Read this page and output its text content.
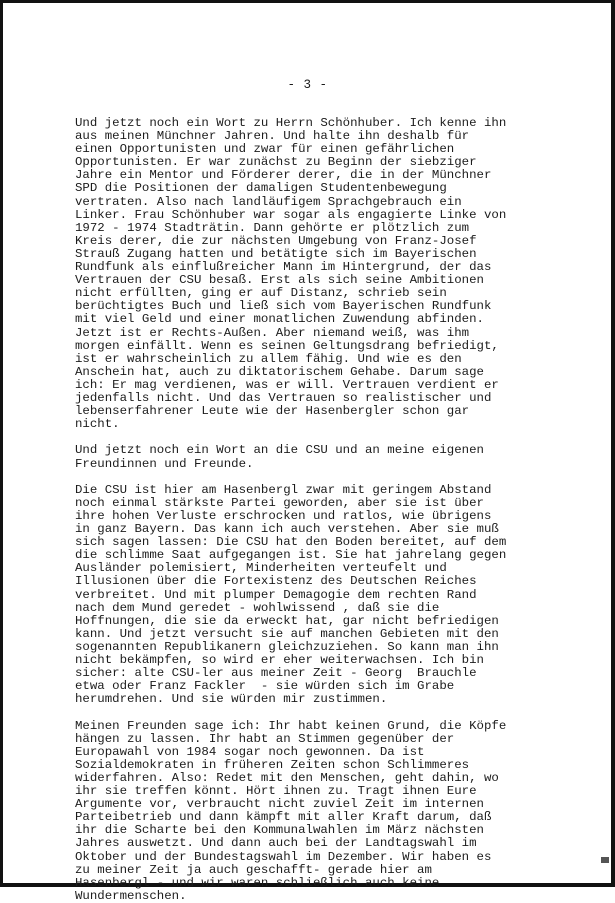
- 3 -
Und jetzt noch ein Wort zu Herrn Schönhuber. Ich kenne ihn
aus meinen Münchner Jahren. Und halte ihn deshalb für
einen Opportunisten und zwar für einen gefährlichen
Opportunisten. Er war zunächst zu Beginn der siebziger
Jahre ein Mentor und Förderer derer, die in der Münchner
SPD die Positionen der damaligen Studentenbewegung
vertraten. Also nach landläufigem Sprachgebrauch ein
Linker. Frau Schönhuber war sogar als engagierte Linke von
1972 - 1974 Stadträtin. Dann gehörte er plötzlich zum
Kreis derer, die zur nächsten Umgebung von Franz-Josef
Strauß Zugang hatten und betätigte sich im Bayerischen
Rundfunk als einflußreicher Mann im Hintergrund, der das
Vertrauen der CSU besaß. Erst als sich seine Ambitionen
nicht erfüllten, ging er auf Distanz, schrieb sein
berüchtigtes Buch und ließ sich vom Bayerischen Rundfunk
mit viel Geld und einer monatlichen Zuwendung abfinden.
Jetzt ist er Rechts-Außen. Aber niemand weiß, was ihm
morgen einfällt. Wenn es seinen Geltungsdrang befriedigt,
ist er wahrscheinlich zu allem fähig. Und wie es den
Anschein hat, auch zu diktatorischem Gehabe. Darum sage
ich: Er mag verdienen, was er will. Vertrauen verdient er
jedenfalls nicht. Und das Vertrauen so realistischer und
lebenserfahrener Leute wie der Hasenbergler schon gar
nicht.
Und jetzt noch ein Wort an die CSU und an meine eigenen
Freundinnen und Freunde.
Die CSU ist hier am Hasenbergl zwar mit geringem Abstand
noch einmal stärkste Partei geworden, aber sie ist über
ihre hohen Verluste erschrocken und ratlos, wie übrigens
in ganz Bayern. Das kann ich auch verstehen. Aber sie muß
sich sagen lassen: Die CSU hat den Boden bereitet, auf dem
die schlimme Saat aufgegangen ist. Sie hat jahrelang gegen
Ausländer polemisiert, Minderheiten verteufelt und
Illusionen über die Fortexistenz des Deutschen Reiches
verbreitet. Und mit plumper Demagogie dem rechten Rand
nach dem Mund geredet - wohlwissend , daß sie die
Hoffnungen, die sie da erweckt hat, gar nicht befriedigen
kann. Und jetzt versucht sie auf manchen Gebieten mit den
sogenannten Republikanern gleichzuziehen. So kann man ihn
nicht bekämpfen, so wird er eher weiterwachsen. Ich bin
sicher: alte CSU-ler aus meiner Zeit - Georg  Brauchle
etwa oder Franz Fackler  - sie würden sich im Grabe
herumdrehen. Und sie würden mir zustimmen.
Meinen Freunden sage ich: Ihr habt keinen Grund, die Köpfe
hängen zu lassen. Ihr habt an Stimmen gegenüber der
Europawahl von 1984 sogar noch gewonnen. Da ist
Sozialdemokraten in früheren Zeiten schon Schlimmeres
widerfahren. Also: Redet mit den Menschen, geht dahin, wo
ihr sie treffen könnt. Hört ihnen zu. Tragt ihnen Eure
Argumente vor, verbraucht nicht zuviel Zeit im internen
Parteibetrieb und dann kämpft mit aller Kraft darum, daß
ihr die Scharte bei den Kommunalwahlen im März nächsten
Jahres auswetzt. Und dann auch bei der Landtagswahl im
Oktober und der Bundestagswahl im Dezember. Wir haben es
zu meiner Zeit ja auch geschafft- gerade hier am
Hasenbergl - und wir waren schließlich auch keine
Wundermenschen.
